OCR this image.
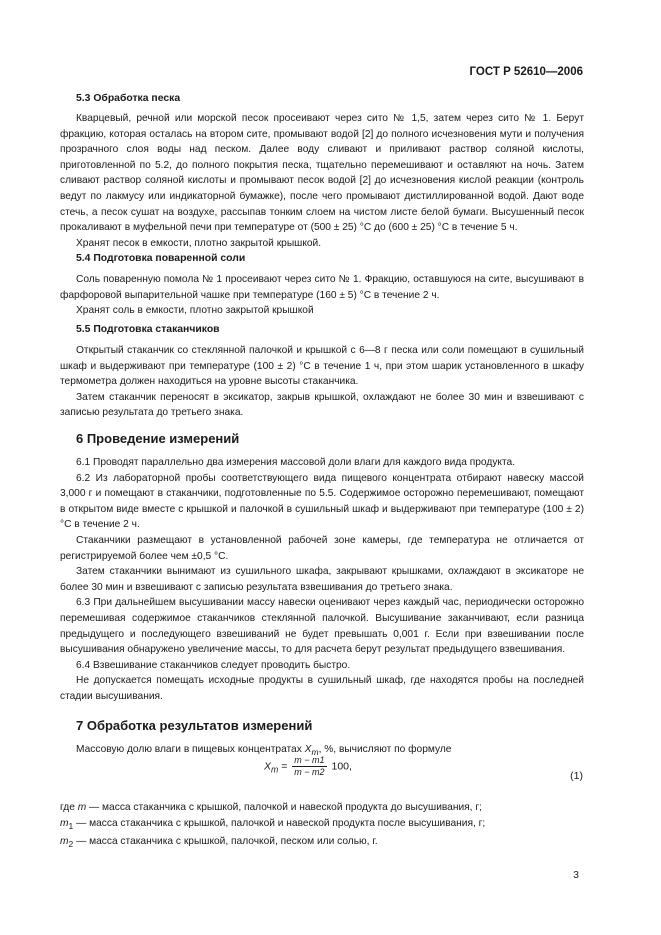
ГОСТ Р 52610—2006
5.3 Обработка песка

Кварцевый, речной или морской песок просеивают через сито № 1,5, затем через сито № 1. Берут фракцию, которая осталась на втором сите, промывают водой [2] до полного исчезновения мути и получения прозрачного слоя воды над песком. Далее воду сливают и приливают раствор соляной кислоты, приготовленной по 5.2, до полного покрытия песка, тщательно перемешивают и оставляют на ночь. Затем сливают раствор соляной кислоты и промывают песок водой [2] до исчезновения кислой реакции (контроль ведут по лакмусу или индикаторной бумажке), после чего промывают дистиллированной водой. Дают воде стечь, а песок сушат на воздухе, рассыпав тонким слоем на чистом листе белой бумаги. Высушенный песок прокаливают в муфельной печи при температуре от (500 ± 25) °С до (600 ± 25) °С в течение 5 ч.

Хранят песок в емкости, плотно закрытой крышкой.

5.4 Подготовка поваренной соли

Соль поваренную помола № 1 просеивают через сито № 1. Фракцию, оставшуюся на сите, высушивают в фарфоровой выпарительной чашке при температуре (160 ± 5) °С в течение 2 ч.

Хранят соль в емкости, плотно закрытой крышкой

5.5 Подготовка стаканчиков

Открытый стаканчик со стеклянной палочкой и крышкой с 6—8 г песка или соли помещают в сушильный шкаф и выдерживают при температуре (100 ± 2) °С в течение 1 ч, при этом шарик установленного в шкафу термометра должен находиться на уровне высоты стаканчика.

Затем стаканчик переносят в эксикатор, закрыв крышкой, охлаждают не более 30 мин и взвешивают с записью результата до третьего знака.

6 Проведение измерений

6.1 Проводят параллельно два измерения массовой доли влаги для каждого вида продукта.

6.2 Из лабораторной пробы соответствующего вида пищевого концентрата отбирают навеску массой 3,000 г и помещают в стаканчики, подготовленные по 5.5. Содержимое осторожно перемешивают, помещают в открытом виде вместе с крышкой и палочкой в сушильный шкаф и выдерживают при температуре (100 ± 2) °С в течение 2 ч.

Стаканчики размещают в установленной рабочей зоне камеры, где температура не отличается от регистрируемой более чем ±0,5 °С.

Затем стаканчики вынимают из сушильного шкафа, закрывают крышками, охлаждают в эксикаторе не более 30 мин и взвешивают с записью результата взвешивания до третьего знака.

6.3 При дальнейшем высушивании массу навески оценивают через каждый час, периодически осторожно перемешивая содержимое стаканчиков стеклянной палочкой. Высушивание заканчивают, если разница предыдущего и последующего взвешиваний не будет превышать 0,001 г. Если при взвешивании после высушивания обнаружено увеличение массы, то для расчета берут результат предыдущего взвешивания.

6.4 Взвешивание стаканчиков следует проводить быстро.

Не допускается помещать исходные продукты в сушильный шкаф, где находятся пробы на последней стадии высушивания.

7 Обработка результатов измерений

Массовую долю влаги в пищевых концентратах $X_m$, %, вычисляют по формуле

$X_m = \frac{m - m1}{m - m2} 100$,
(1)
где m — масса стаканчика с крышкой, палочкой и навеской продукта до высушивания, г;
$m_1$ — масса стаканчика с крышкой, палочкой и навеской продукта после высушивания, г;
$m_2$ — масса стаканчика с крышкой, палочкой, песком или солью, г.
3
